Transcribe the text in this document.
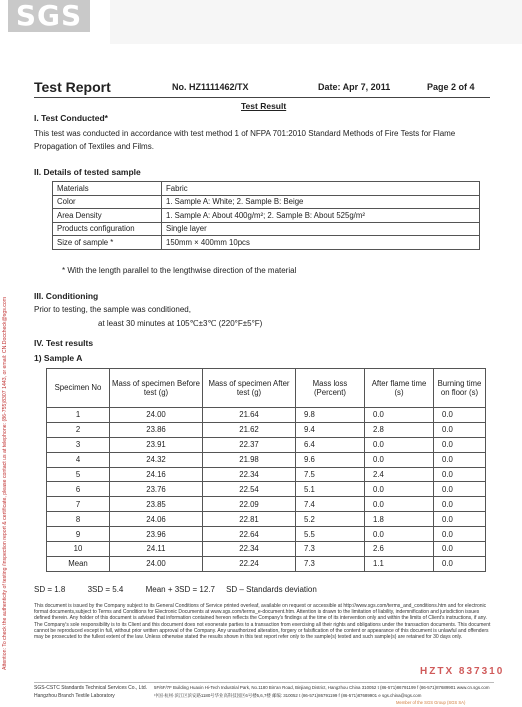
SGS
Attention: To check the authenticity of testing /inspection report & certificate, please contact us at telephone: (86-755)8307 1443, or email: CN.Doccheck@sgs.com
Test Report	No. HZ1111462/TX	Date: Apr 7, 2011	Page 2 of 4
Test Result
I. Test Conducted*
This test was conducted in accordance with test method 1 of NFPA 701:2010 Standard Methods of Fire Tests for Flame Propagation of Textiles and Films.
II. Details of tested sample
Materials	Fabric
Color	1. Sample A: White; 2. Sample B: Beige
Area Density	1. Sample A: About 400g/m²; 2. Sample B: About 525g/m²
Products configuration	Single layer
Size of sample *	150mm × 400mm 10pcs
* With the length parallel to the lengthwise direction of the material
III. Conditioning
Prior to testing, the sample was conditioned,
at least 30 minutes at 105℃±3℃ (220°F±5°F)
IV. Test results
1) Sample A
Specimen No	Mass of specimen Before test (g)	Mass of specimen After test (g)	Mass loss (Percent)	After flame time (s)	Burning time on floor (s)
1	24.00	21.64	9.8	0.0	0.0
2	23.86	21.62	9.4	2.8	0.0
3	23.91	22.37	6.4	0.0	0.0
4	24.32	21.98	9.6	0.0	0.0
5	24.16	22.34	7.5	2.4	0.0
6	23.76	22.54	5.1	0.0	0.0
7	23.85	22.09	7.4	0.0	0.0
8	24.06	22.81	5.2	1.8	0.0
9	23.96	22.64	5.5	0.0	0.0
10	24.11	22.34	7.3	2.6	0.0
Mean	24.00	22.24	7.3	1.1	0.0
SD = 1.8          3SD = 5.4          Mean + 3SD = 12.7     SD – Standards deviation
This document is issued by the Company subject to its General Conditions of Service printed overleaf, available on request or accessible at http://www.sgs.com/terms_and_conditions.htm and for electronic format documents,subject to Terms and Conditions for Electronic Documents at www.sgs.com/terms_e-document.htm. Attention is drawn to the limitation of liability, indemnification and jurisdiction issues defined therein. Any holder of this document is advised that information contained hereon reflects the Company's findings at the time of its intervention only and within the limits of Client's instructions, if any. The Company's sole responsibility is to its Client and this document does not exonerate parties to a transaction from exercising all their rights and obligations under the transaction documents. This document cannot be reproduced except in full, without prior written approval of the Company. Any unauthorized alteration, forgery or falsification of the content or appearance of this document is unlawful and offenders may be prosecuted to the fullest extent of the law. Unless otherwise stated the results shown in this test report refer only to the sample(s) tested and such sample(s) are retained for 30 days only.
HZTX 837310
SGS-CSTC Standards Technical Services Co., Ltd.
Hangzhou Branch Textile Laboratory
5F/6F/7F Building Huaxin Hi-Tech Industrial Park, No.1180 Bin'an Road, Binjiang District, Hangzhou China 310052 t (86-571)86791199 f (86-571)87689901 www.cn.sgs.com
中国·杭州·滨江区滨安路1180号华业高科技园区6号楼5,6,7楼 邮编: 310052 t (86-571)86791199 f (86-571)87689901 e sgs.china@sgs.com
Member of the SGS Group (SGS SA)
